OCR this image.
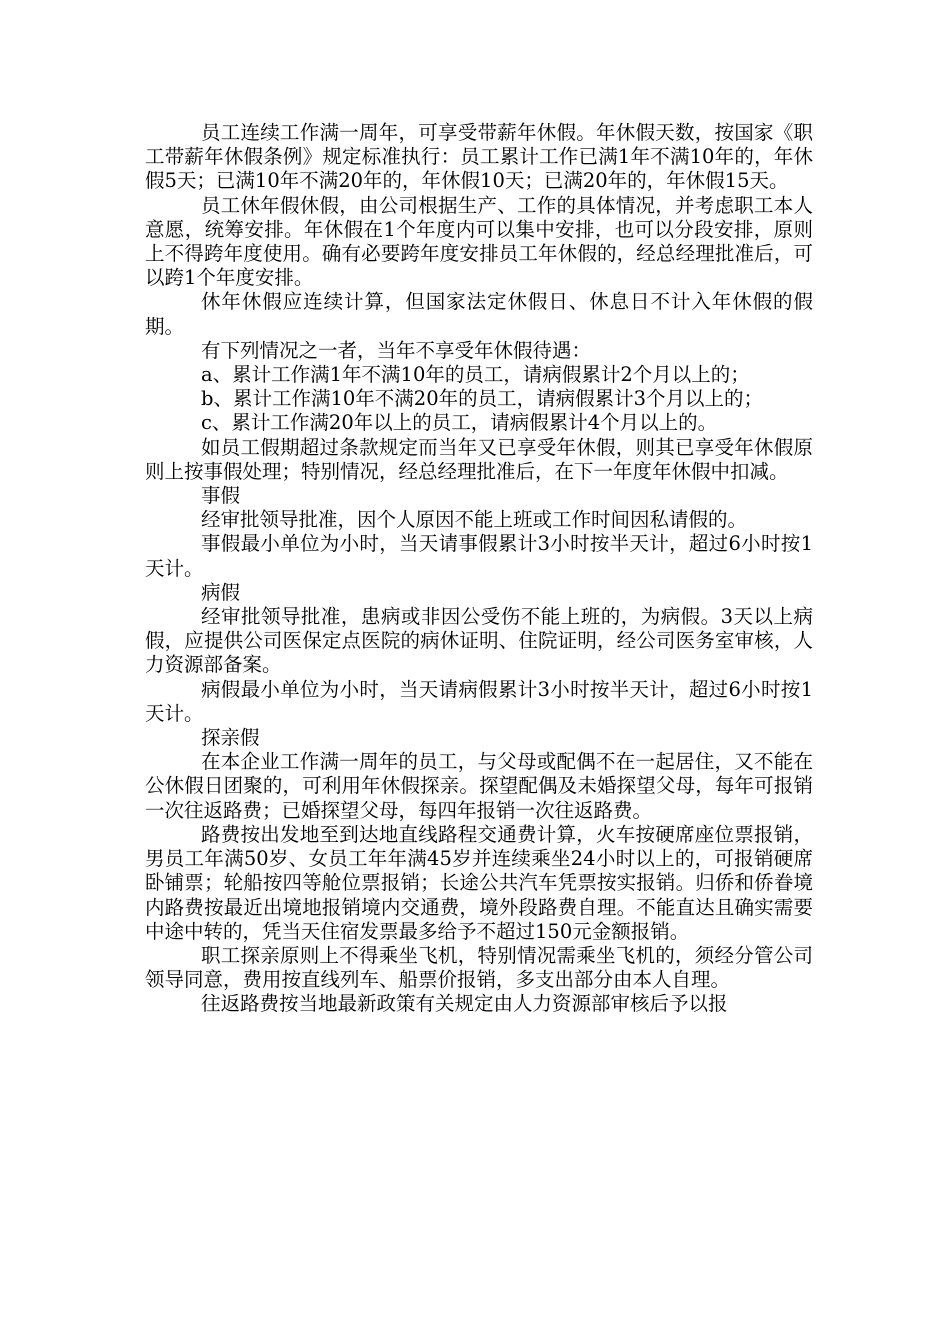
员工连续工作满一周年，可享受带薪年休假。年休假天数，按国家《职工带薪年休假条例》规定标准执行：员工累计工作已满1年不满10年的，年休假5天；已满10年不满20年的，年休假10天；已满20年的，年休假15天。

员工休年假休假，由公司根据生产、工作的具体情况，并考虑职工本人意愿，统筹安排。年休假在1个年度内可以集中安排，也可以分段安排，原则上不得跨年度使用。确有必要跨年度安排员工年休假的，经总经理批准后，可以跨1个年度安排。

休年休假应连续计算，但国家法定休假日、休息日不计入年休假的假期。

有下列情况之一者，当年不享受年休假待遇：

a、累计工作满1年不满10年的员工，请病假累计2个月以上的；

b、累计工作满10年不满20年的员工，请病假累计3个月以上的；

c、累计工作满20年以上的员工，请病假累计4个月以上的。

如员工假期超过条款规定而当年又已享受年休假，则其已享受年休假原则上按事假处理；特别情况，经总经理批准后，在下一年度年休假中扣减。

事假

经审批领导批准，因个人原因不能上班或工作时间因私请假的。

事假最小单位为小时，当天请事假累计3小时按半天计，超过6小时按1天计。

病假

经审批领导批准，患病或非因公受伤不能上班的，为病假。3天以上病假，应提供公司医保定点医院的病休证明、住院证明，经公司医务室审核，人力资源部备案。

病假最小单位为小时，当天请病假累计3小时按半天计，超过6小时按1天计。

探亲假

在本企业工作满一周年的员工，与父母或配偶不在一起居住，又不能在公休假日团聚的，可利用年休假探亲。探望配偶及未婚探望父母，每年可报销一次往返路费；已婚探望父母，每四年报销一次往返路费。

路费按出发地至到达地直线路程交通费计算，火车按硬席座位票报销，男员工年满50岁、女员工年年满45岁并连续乘坐24小时以上的，可报销硬席卧铺票；轮船按四等舱位票报销；长途公共汽车凭票按实报销。归侨和侨眷境内路费按最近出境地报销境内交通费，境外段路费自理。不能直达且确实需要中途中转的，凭当天住宿发票最多给予不超过150元金额报销。

职工探亲原则上不得乘坐飞机，特别情况需乘坐飞机的，须经分管公司领导同意，费用按直线列车、船票价报销，多支出部分由本人自理。

往返路费按当地最新政策有关规定由人力资源部审核后予以报
